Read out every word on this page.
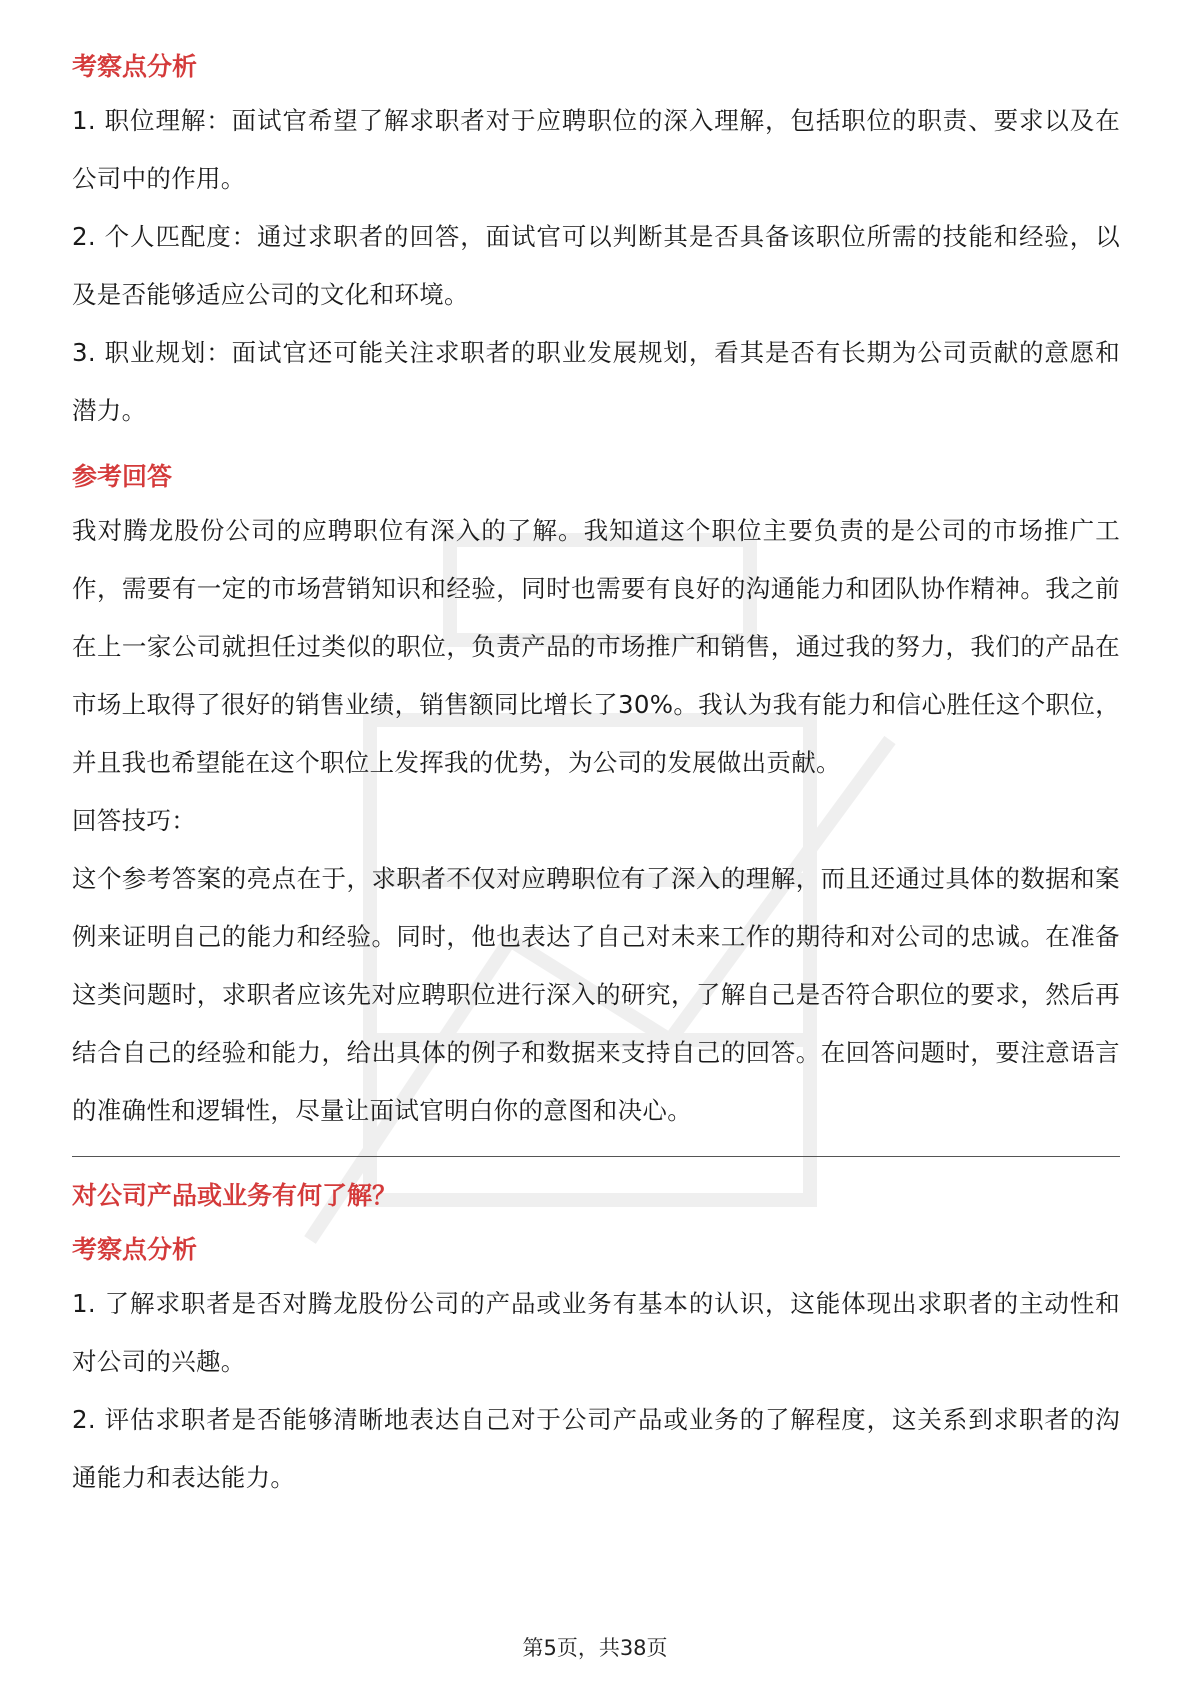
考察点分析

1. 职位理解：面试官希望了解求职者对于应聘职位的深入理解，包括职位的职责、要求以及在公司中的作用。

2. 个人匹配度：通过求职者的回答，面试官可以判断其是否具备该职位所需的技能和经验，以及是否能够适应公司的文化和环境。

3. 职业规划：面试官还可能关注求职者的职业发展规划，看其是否有长期为公司贡献的意愿和潜力。

参考回答

我对腾龙股份公司的应聘职位有深入的了解。我知道这个职位主要负责的是公司的市场推广工作，需要有一定的市场营销知识和经验，同时也需要有良好的沟通能力和团队协作精神。我之前在上一家公司就担任过类似的职位，负责产品的市场推广和销售，通过我的努力，我们的产品在市场上取得了很好的销售业绩，销售额同比增长了30%。我认为我有能力和信心胜任这个职位，并且我也希望能在这个职位上发挥我的优势，为公司的发展做出贡献。

回答技巧：

这个参考答案的亮点在于，求职者不仅对应聘职位有了深入的理解，而且还通过具体的数据和案例来证明自己的能力和经验。同时，他也表达了自己对未来工作的期待和对公司的忠诚。在准备这类问题时，求职者应该先对应聘职位进行深入的研究，了解自己是否符合职位的要求，然后再结合自己的经验和能力，给出具体的例子和数据来支持自己的回答。在回答问题时，要注意语言的准确性和逻辑性，尽量让面试官明白你的意图和决心。

对公司产品或业务有何了解？
考察点分析

1. 了解求职者是否对腾龙股份公司的产品或业务有基本的认识，这能体现出求职者的主动性和对公司的兴趣。

2. 评估求职者是否能够清晰地表达自己对于公司产品或业务的了解程度，这关系到求职者的沟通能力和表达能力。

第5页，共38页
